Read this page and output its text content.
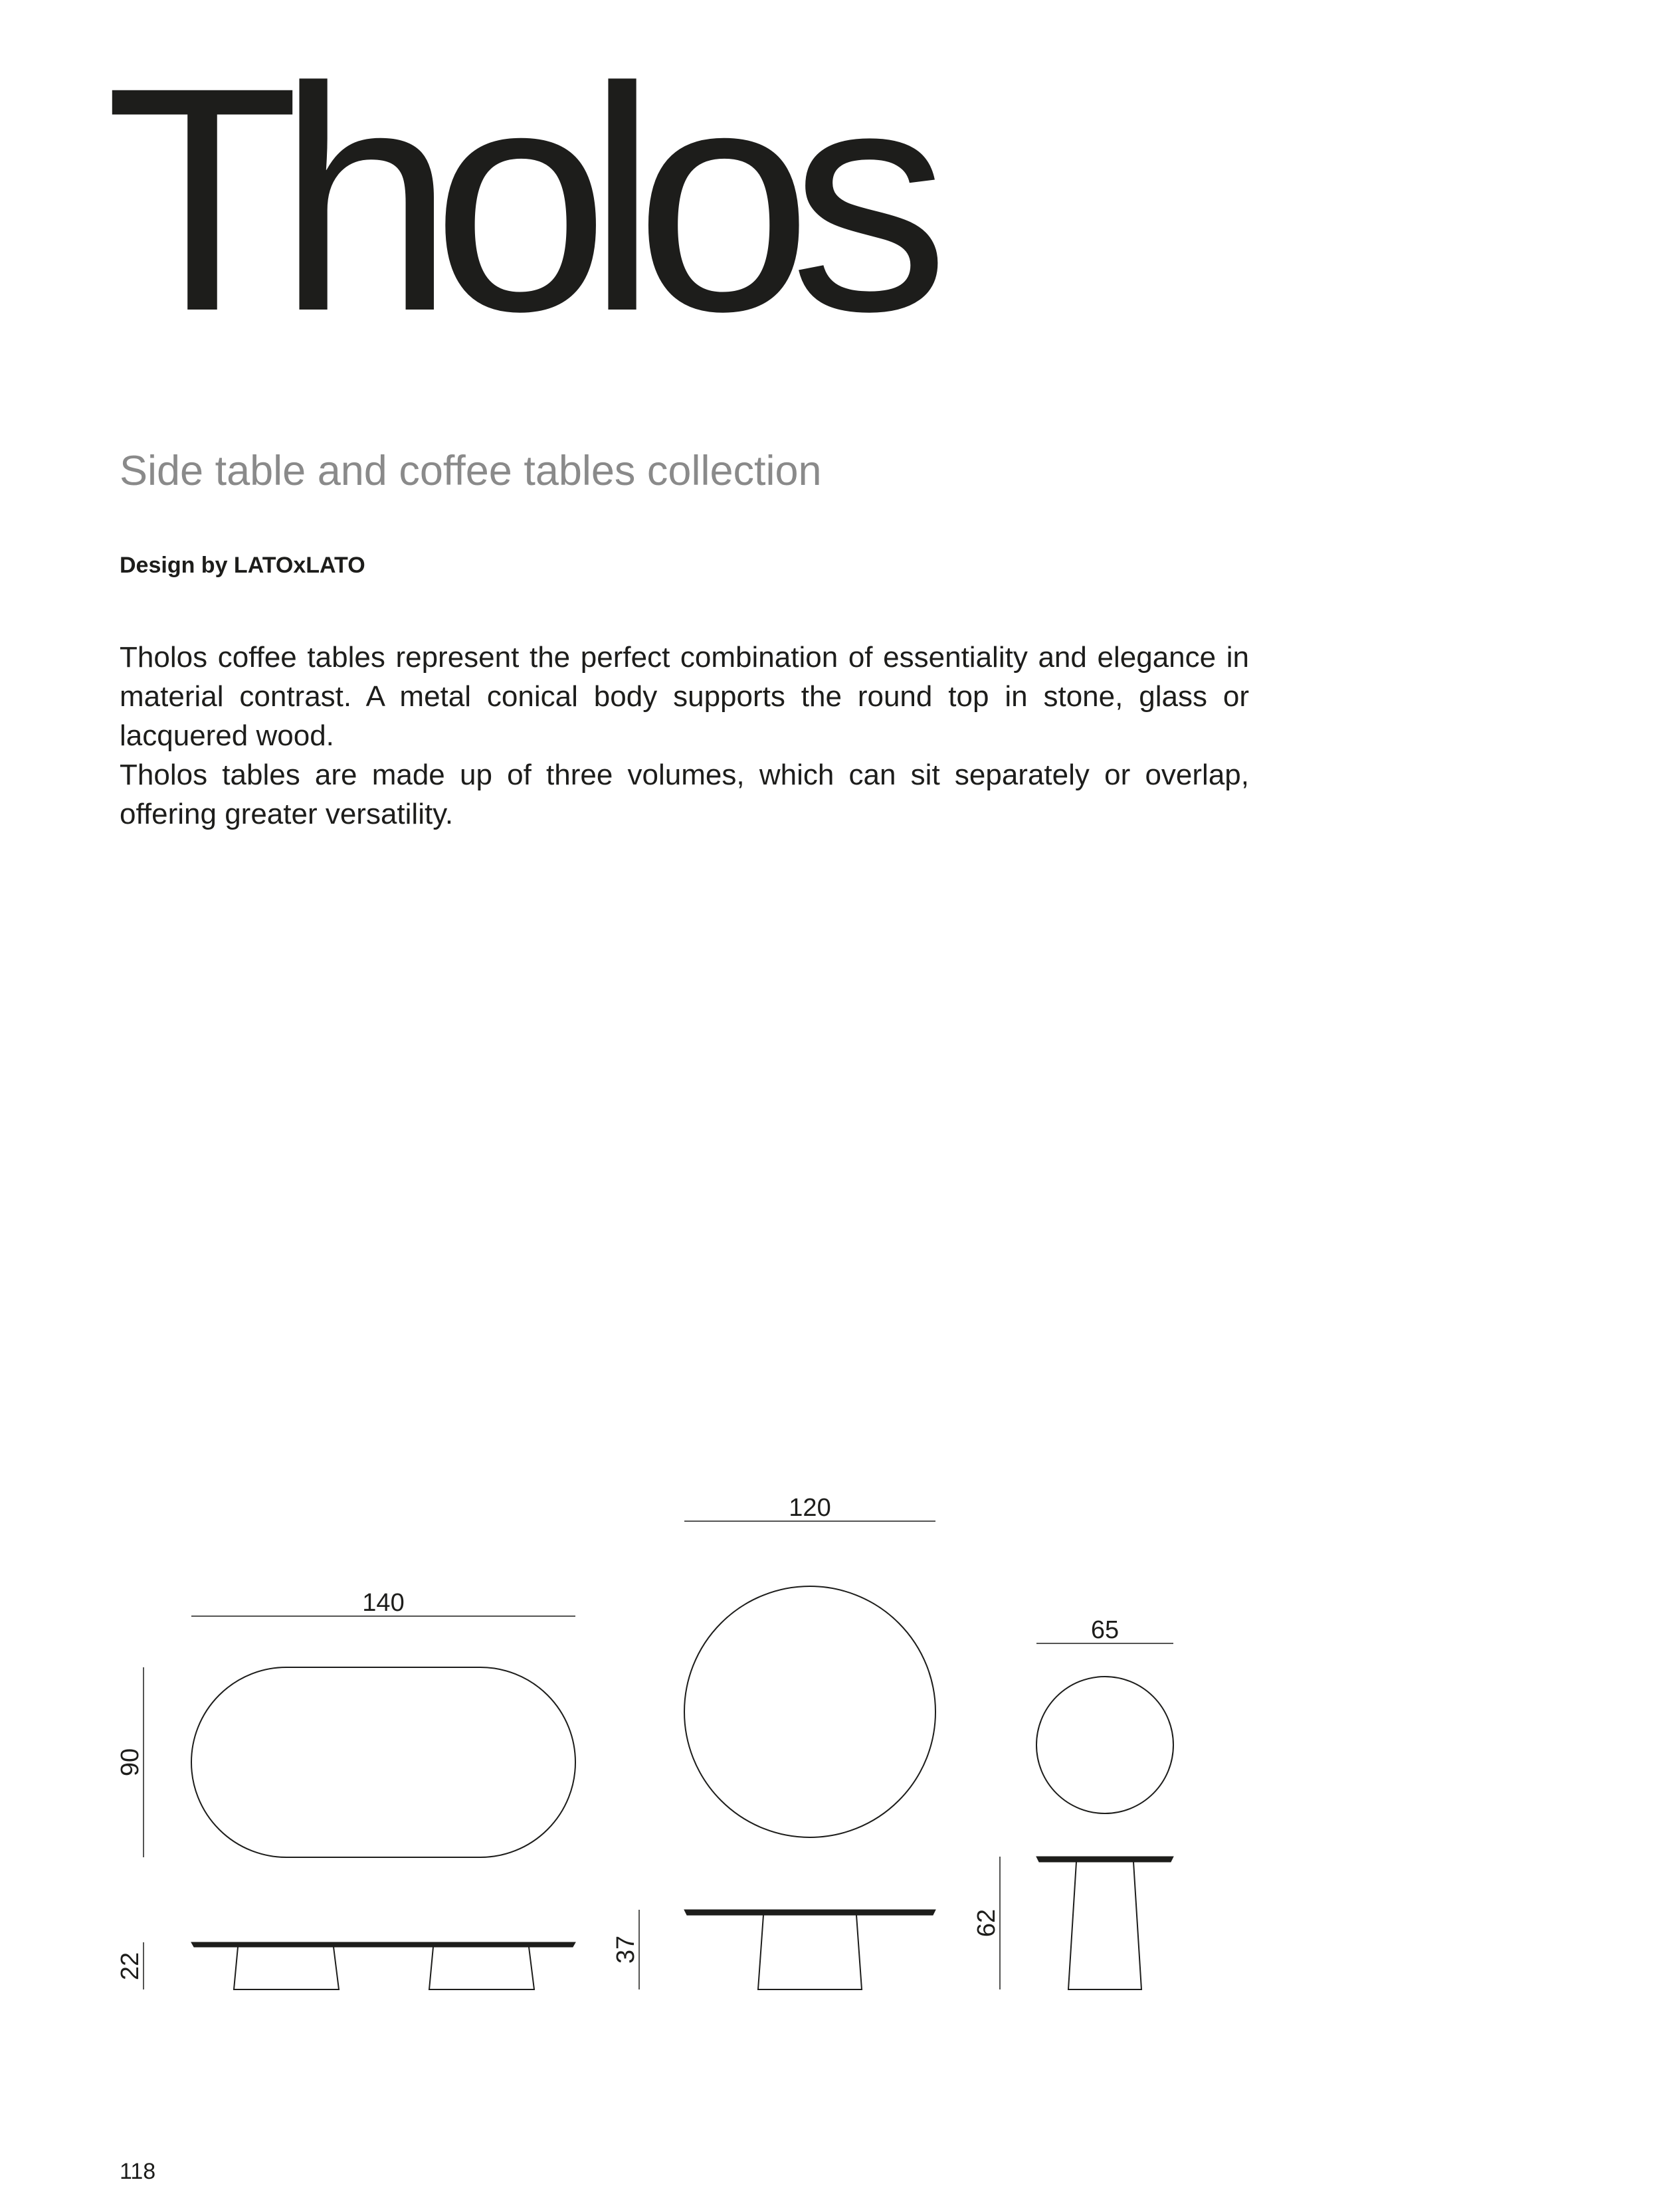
Tholos
Side table and coffee tables collection
Design by LATOxLATO

Tholos coffee tables represent the perfect combination of essentiality and elegance in material contrast. A metal conical body supports the round top in stone, glass or lacquered wood.

Tholos tables are made up of three volumes, which can sit separately or overlap, offering greater versatility.

140
90
22
120
37
65
62
118
